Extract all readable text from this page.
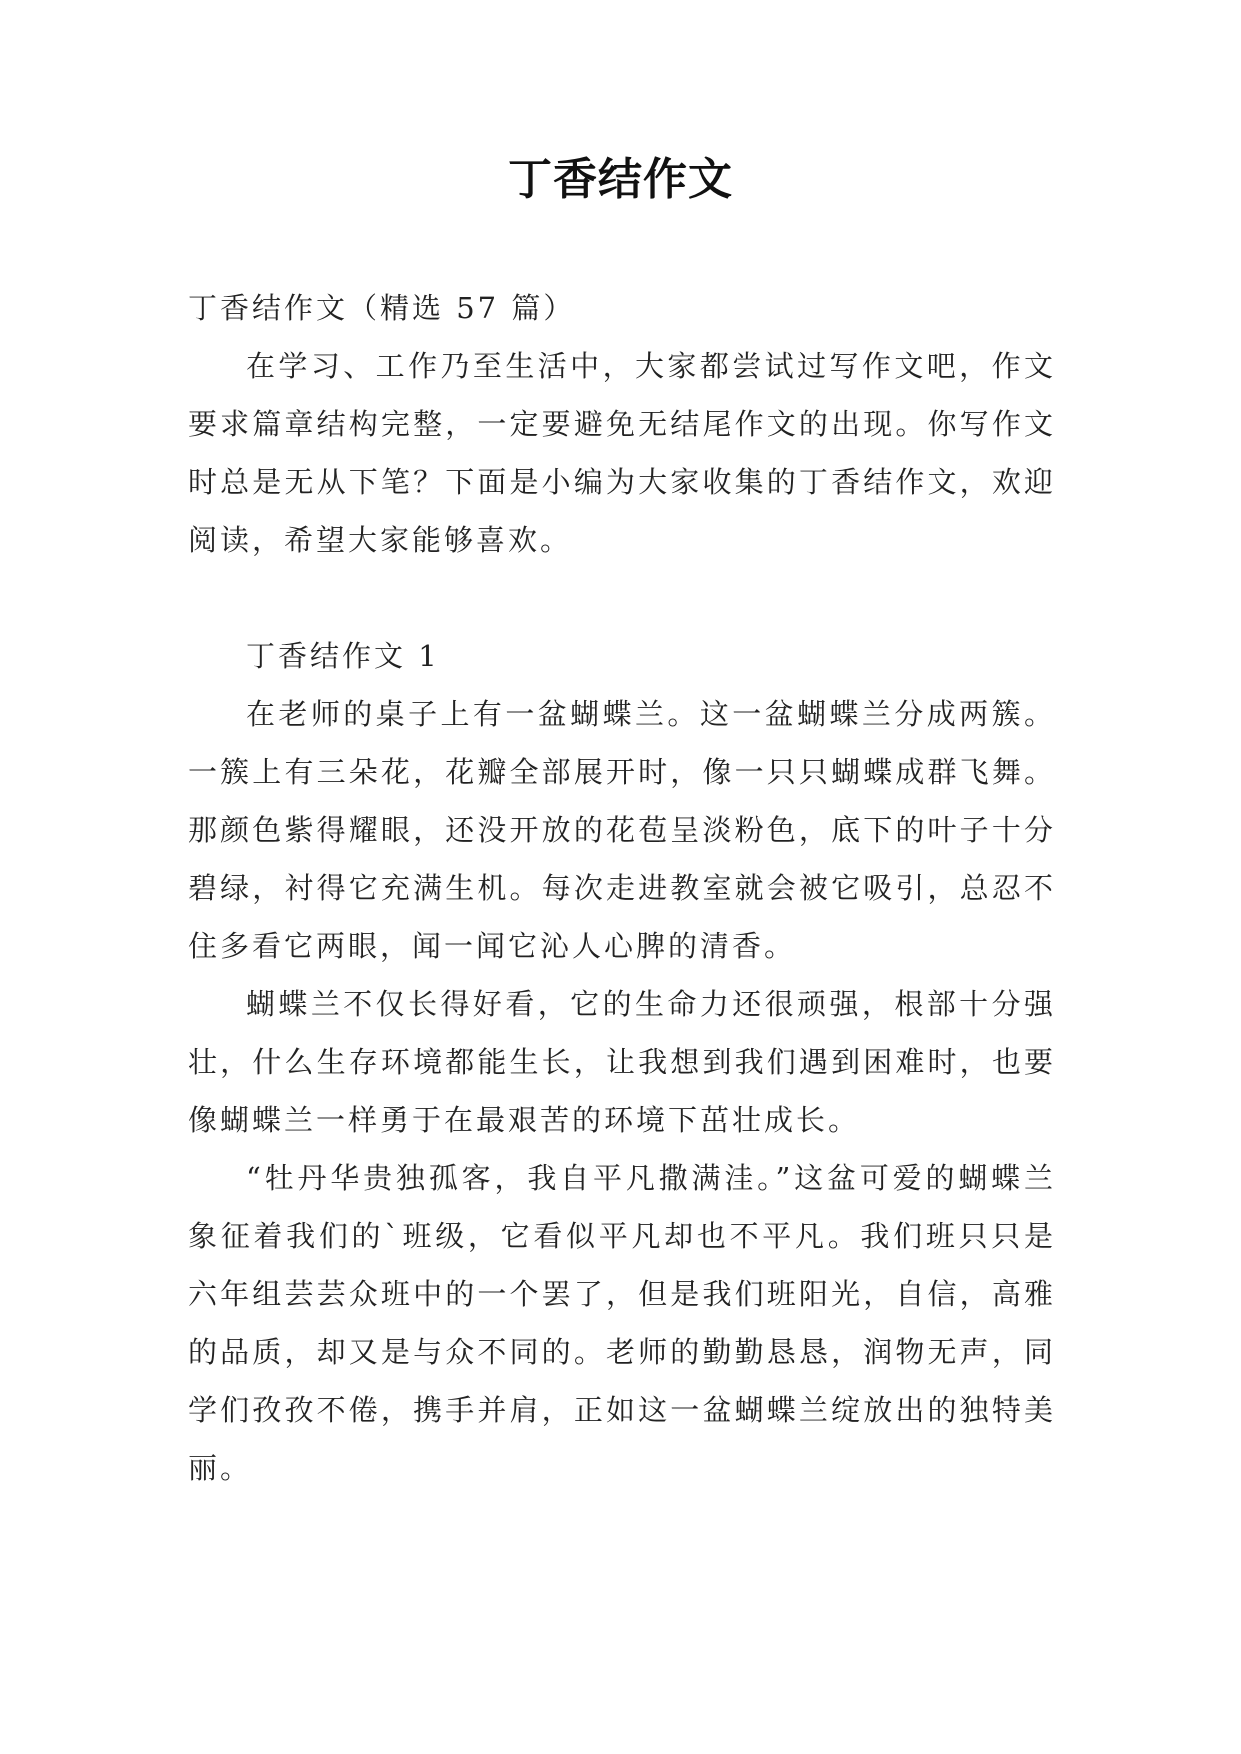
丁香结作文

丁香结作文（精选 57 篇）

在学习、工作乃至生活中，大家都尝试过写作文吧，作文要求篇章结构完整，一定要避免无结尾作文的出现。你写作文时总是无从下笔？下面是小编为大家收集的丁香结作文，欢迎阅读，希望大家能够喜欢。

丁香结作文 1

在老师的桌子上有一盆蝴蝶兰。这一盆蝴蝶兰分成两簇。一簇上有三朵花，花瓣全部展开时，像一只只蝴蝶成群飞舞。那颜色紫得耀眼，还没开放的花苞呈淡粉色，底下的叶子十分碧绿，衬得它充满生机。每次走进教室就会被它吸引，总忍不住多看它两眼，闻一闻它沁人心脾的清香。

蝴蝶兰不仅长得好看，它的生命力还很顽强，根部十分强壮，什么生存环境都能生长，让我想到我们遇到困难时，也要像蝴蝶兰一样勇于在最艰苦的环境下茁壮成长。

“牡丹华贵独孤客，我自平凡撒满洼。”这盆可爱的蝴蝶兰象征着我们的`班级，它看似平凡却也不平凡。我们班只只是六年组芸芸众班中的一个罢了，但是我们班阳光，自信，高雅的品质，却又是与众不同的。老师的勤勤恳恳，润物无声，同学们孜孜不倦，携手并肩，正如这一盆蝴蝶兰绽放出的独特美丽。
